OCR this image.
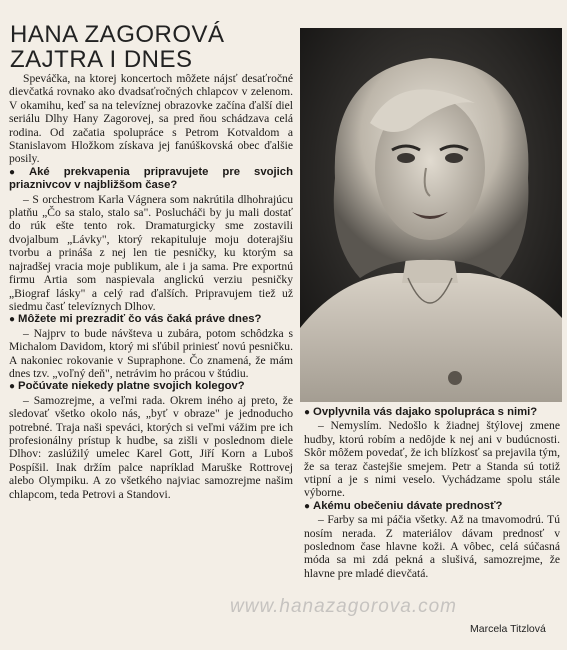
HANA ZAGOROVÁ
ZAJTRA I DNES

Speváčka, na ktorej koncertoch môžete nájsť desaťročné dievčatká rovnako ako dvadsaťročných chlapcov v zelenom. V okamihu, keď sa na televíznej obrazovke začína ďalší diel seriálu Dlhy Hany Zagorovej, sa pred ňou schádzava celá rodina. Od začatia spolupráce s Petrom Kotvaldom a Stanislavom Hložkom získava jej fanúškovská obec ďalšie posily.

● Aké prekvapenia pripravujete pre svojich priaznivcov v najbližšom čase?

– S orchestrom Karla Vágnera som nakrútila dlhohrajúcu platňu „Čo sa stalo, stalo sa". Poslucháči by ju mali dostať do rúk ešte tento rok. Dramaturgicky sme zostavili dvojalbum „Lávky", ktorý rekapituluje moju doterajšiu tvorbu a prináša z nej len tie pesničky, ku ktorým sa najradšej vracia moje publikum, ale i ja sama. Pre exportnú firmu Artia som naspievala anglickú verziu pesničky „Biograf lásky" a celý rad ďalších. Pripravujem tiež už siedmu časť televíznych Dlhov.

● Môžete mi prezradiť čo vás čaká práve dnes?

– Najprv to bude návšteva u zubára, potom schôdzka s Michalom Davidom, ktorý mi sľúbil priniesť novú pesničku. A nakoniec rokovanie v Supraphone. Čo znamená, že mám dnes tzv. „voľný deň", netrávim ho prácou v štúdiu.

● Počúvate niekedy platne svojich kolegov?

– Samozrejme, a veľmi rada. Okrem iného aj preto, že sledovať všetko okolo nás, „byť v obraze" je jednoducho potrebné. Traja naši speváci, ktorých si veľmi vážim pre ich profesionálny prístup k hudbe, sa zišli v poslednom diele Dlhov: zaslúžilý umelec Karel Gott, Jiří Korn a Luboš Pospíšil. Inak držím palce napríklad Maruške Rottrovej alebo Olympiku. A zo všetkého najviac samozrejme našim chlapcom, teda Petrovi a Standovi.

● Ovplyvnila vás dajako spolupráca s nimi?

– Nemyslím. Nedošlo k žiadnej štýlovej zmene hudby, ktorú robím a nedôjde k nej ani v budúcnosti. Skôr môžem povedať, že ich blízkosť sa prejavila tým, že sa teraz častejšie smejem. Petr a Standa sú totiž vtipní a je s nimi veselo. Vychádzame spolu stále výborne.

● Akému obečeniu dávate prednosť?

– Farby sa mi páčia všetky. Až na tmavomodrú. Tú nosím nerada. Z materiálov dávam prednosť v poslednom čase hlavne koži. A vôbec, celá súčasná móda sa mi zdá pekná a slušivá, samozrejme, že hlavne pre mladé dievčatá.

www.hanazagorova.com
Marcela Titzlová
